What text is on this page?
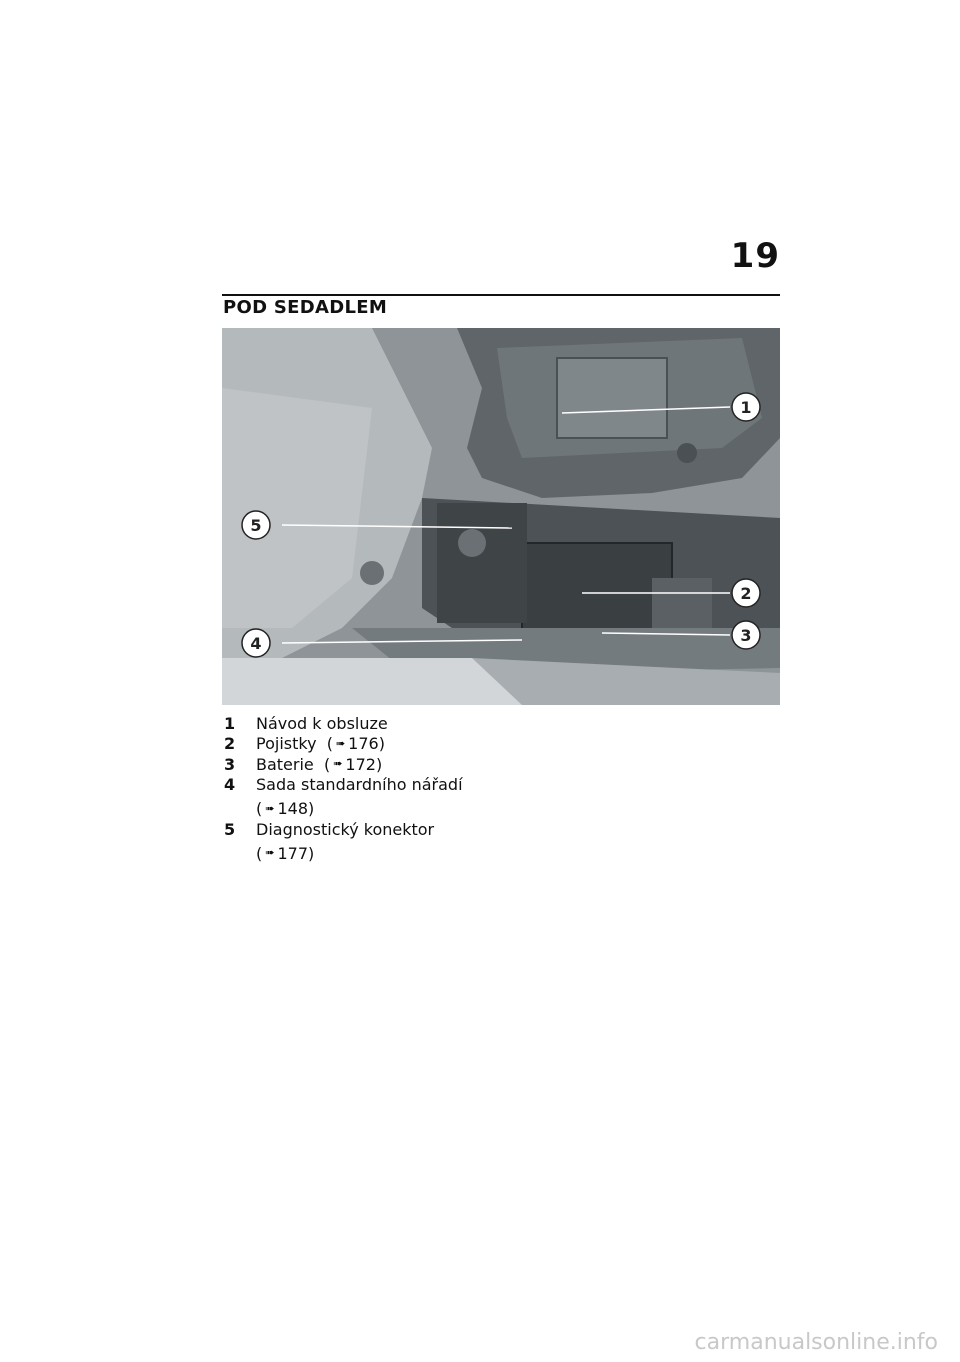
19
POD SEDADLEM
1
2
3
4
5
1	Návod k obsluze
2	Pojistky  ( ➠ 176)
3	Baterie  ( ➠ 172)
4	Sada standardního nářadí
( ➠ 148)
5	Diagnostický konektor
( ➠ 177)
carmanualsonline.info
